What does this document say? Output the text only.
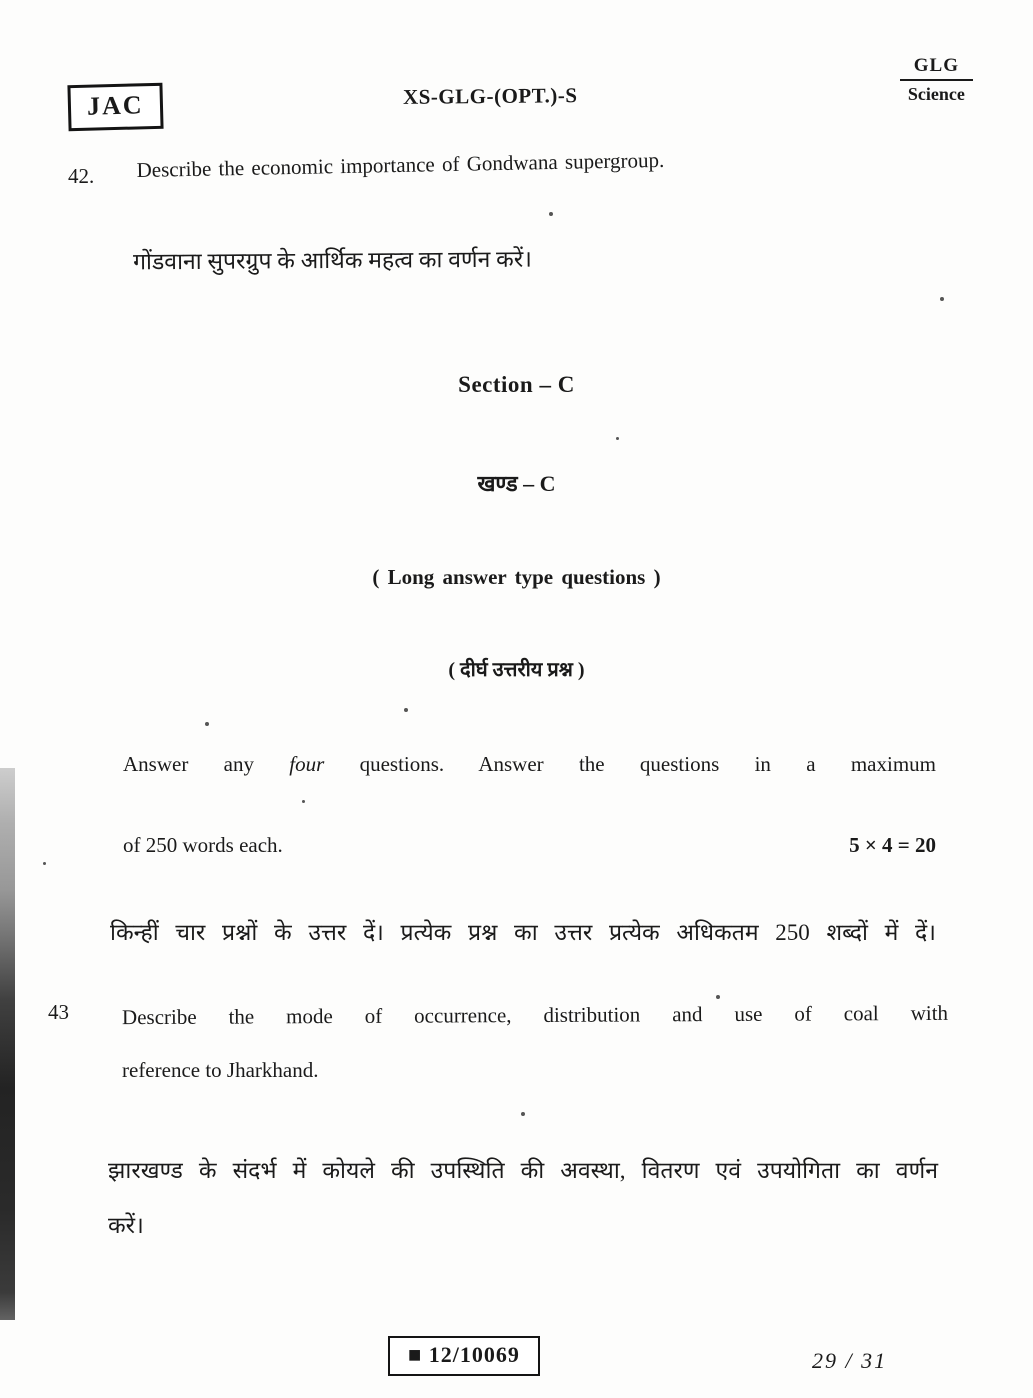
GLG
Science
JAC	XS-GLG-(OPT.)-S
42.	Describe the economic importance of Gondwana supergroup.
गोंडवाना सुपरग्रुप के आर्थिक महत्व का वर्णन करें।
Section – C
खण्ड – C
( Long answer type questions )
( दीर्घ उत्तरीय प्रश्न )
Answer any four questions. Answer the questions in a maximum
of 250 words each.	5 × 4 = 20
किन्हीं चार प्रश्नों के उत्तर दें। प्रत्येक प्रश्न का उत्तर प्रत्येक अधिकतम 250 शब्दों में दें।
43	Describe the mode of occurrence, distribution and use of coal with
reference to Jharkhand.
झारखण्ड के संदर्भ में कोयले की उपस्थिति की अवस्था, वितरण एवं उपयोगिता का वर्णन
करें।
■ 12/10069	29 / 31
